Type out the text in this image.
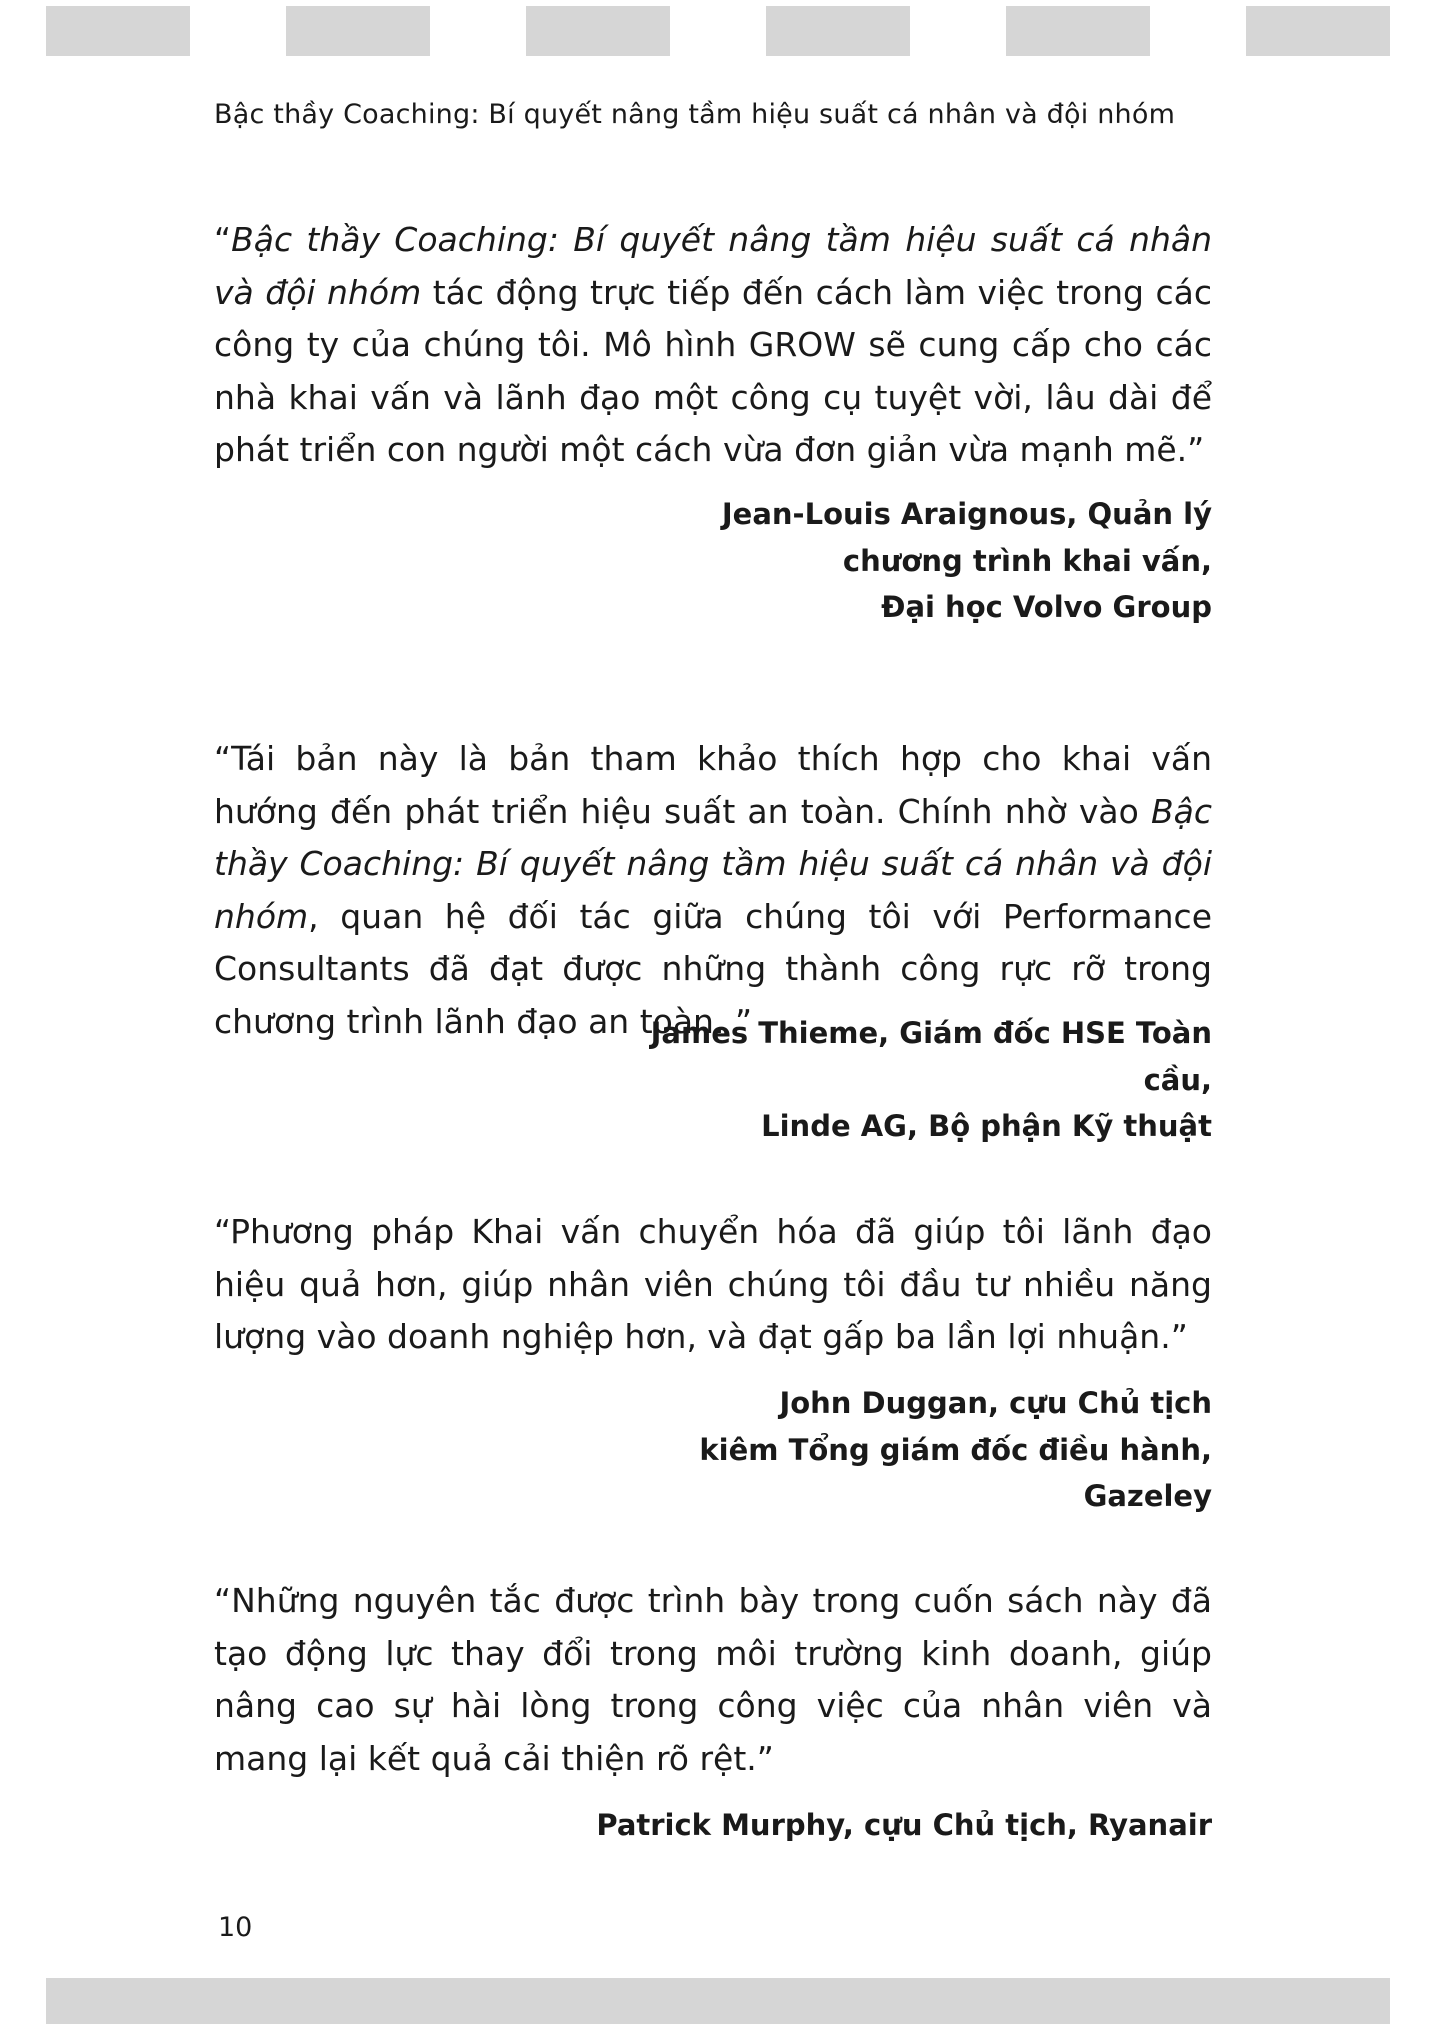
Bậc thầy Coaching: Bí quyết nâng tầm hiệu suất cá nhân và đội nhóm

“Bậc thầy Coaching: Bí quyết nâng tầm hiệu suất cá nhân và đội nhóm tác động trực tiếp đến cách làm việc trong các công ty của chúng tôi. Mô hình GROW sẽ cung cấp cho các nhà khai vấn và lãnh đạo một công cụ tuyệt vời, lâu dài để phát triển con người một cách vừa đơn giản vừa mạnh mẽ.”

Jean-Louis Araignous, Quản lý
chương trình khai vấn,
Đại học Volvo Group

“Tái bản này là bản tham khảo thích hợp cho khai vấn hướng đến phát triển hiệu suất an toàn. Chính nhờ vào Bậc thầy Coaching: Bí quyết nâng tầm hiệu suất cá nhân và đội nhóm, quan hệ đối tác giữa chúng tôi với Performance Consultants đã đạt được những thành công rực rỡ trong chương trình lãnh đạo an toàn. ”

James Thieme, Giám đốc HSE Toàn cầu,
Linde AG, Bộ phận Kỹ thuật

“Phương pháp Khai vấn chuyển hóa đã giúp tôi lãnh đạo hiệu quả hơn, giúp nhân viên chúng tôi đầu tư nhiều năng lượng vào doanh nghiệp hơn, và đạt gấp ba lần lợi nhuận.”

John Duggan, cựu Chủ tịch
kiêm Tổng giám đốc điều hành, Gazeley

“Những nguyên tắc được trình bày trong cuốn sách này đã tạo động lực thay đổi trong môi trường kinh doanh, giúp nâng cao sự hài lòng trong công việc của nhân viên và mang lại kết quả cải thiện rõ rệt.”

Patrick Murphy, cựu Chủ tịch, Ryanair
10
